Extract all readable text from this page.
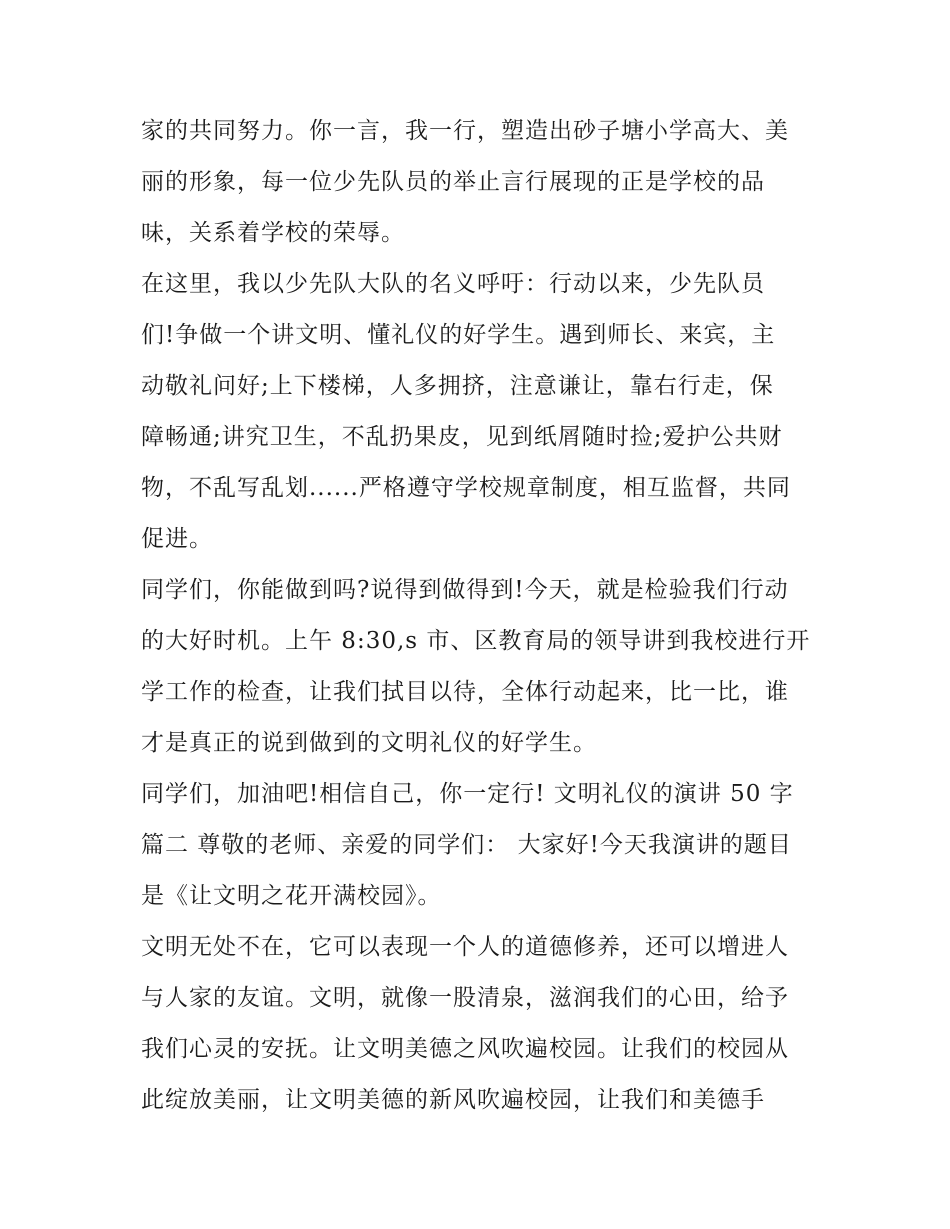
家的共同努力。你一言，我一行，塑造出砂子塘小学高大、美
丽的形象，每一位少先队员的举止言行展现的正是学校的品
味，关系着学校的荣辱。
在这里，我以少先队大队的名义呼吁：行动以来，少先队员
们!争做一个讲文明、懂礼仪的好学生。遇到师长、来宾，主
动敬礼问好;上下楼梯，人多拥挤，注意谦让，靠右行走，保
障畅通;讲究卫生，不乱扔果皮，见到纸屑随时捡;爱护公共财
物，不乱写乱划......严格遵守学校规章制度，相互监督，共同
促进。
同学们，你能做到吗?说得到做得到!今天，就是检验我们行动
的大好时机。上午 8:30,s 市、区教育局的领导讲到我校进行开
学工作的检查，让我们拭目以待，全体行动起来，比一比，谁
才是真正的说到做到的文明礼仪的好学生。
同学们，加油吧!相信自己，你一定行! 文明礼仪的演讲 50 字
篇二 尊敬的老师、亲爱的同学们： 大家好!今天我演讲的题目
是《让文明之花开满校园》。
文明无处不在，它可以表现一个人的道德修养，还可以增进人
与人家的友谊。文明，就像一股清泉，滋润我们的心田，给予
我们心灵的安抚。让文明美德之风吹遍校园。让我们的校园从
此绽放美丽，让文明美德的新风吹遍校园，让我们和美德手
